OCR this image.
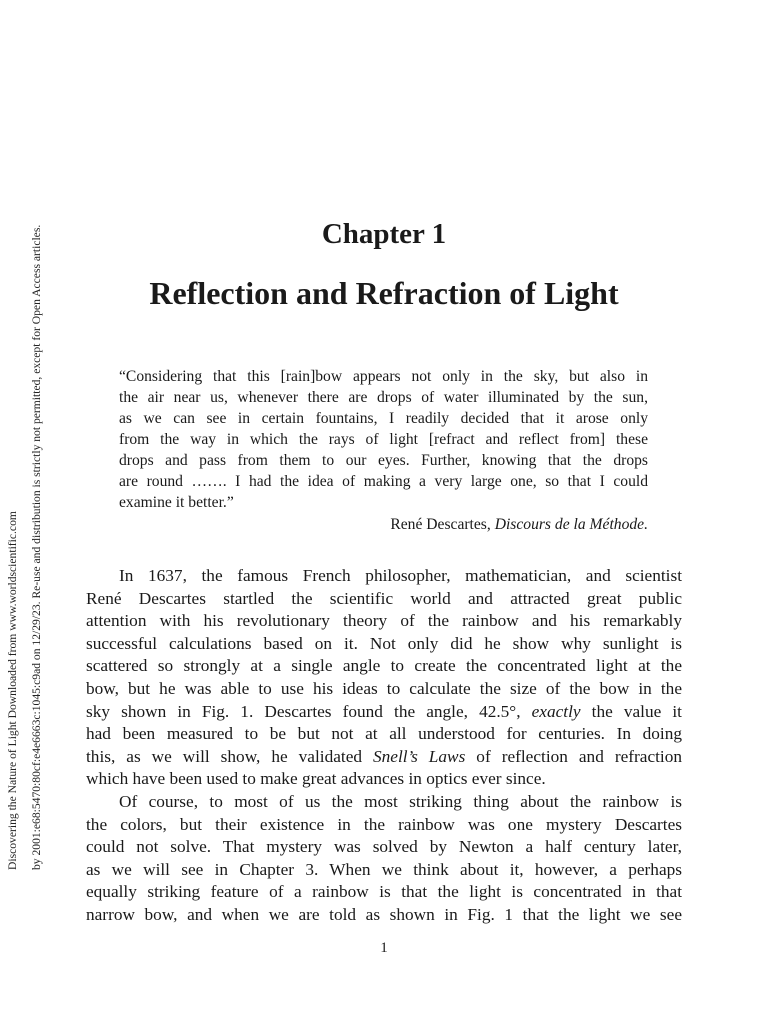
Discovering the Nature of Light Downloaded from www.worldscientific.com by 2001:e68:5470:80cf:e4e6663c:1045:c9ad on 12/29/23. Re-use and distribution is strictly not permitted, except for Open Access articles.	Chapter 1
Reflection and Refraction of Light
“Considering that this [rain]bow appears not only in the sky, but also in
the air near us, whenever there are drops of water illuminated by the sun,
as we can see in certain fountains, I readily decided that it arose only
from the way in which the rays of light [refract and reflect from] these
drops and pass from them to our eyes. Further, knowing that the drops
are round ……. I had the idea of making a very large one, so that I could
examine it better.”
René Descartes, Discours de la Méthode.
In 1637, the famous French philosopher, mathematician, and scientist
René Descartes startled the scientific world and attracted great public
attention with his revolutionary theory of the rainbow and his remarkably
successful calculations based on it. Not only did he show why sunlight is
scattered so strongly at a single angle to create the concentrated light at the
bow, but he was able to use his ideas to calculate the size of the bow in the
sky shown in Fig. 1. Descartes found the angle, 42.5°, exactly the value it
had been measured to be but not at all understood for centuries. In doing
this, as we will show, he validated Snell’s Laws of reflection and refraction
which have been used to make great advances in optics ever since.
Of course, to most of us the most striking thing about the rainbow is
the colors, but their existence in the rainbow was one mystery Descartes
could not solve. That mystery was solved by Newton a half century later,
as we will see in Chapter 3. When we think about it, however, a perhaps
equally striking feature of a rainbow is that the light is concentrated in that
narrow bow, and when we are told as shown in Fig. 1 that the light we see
1
